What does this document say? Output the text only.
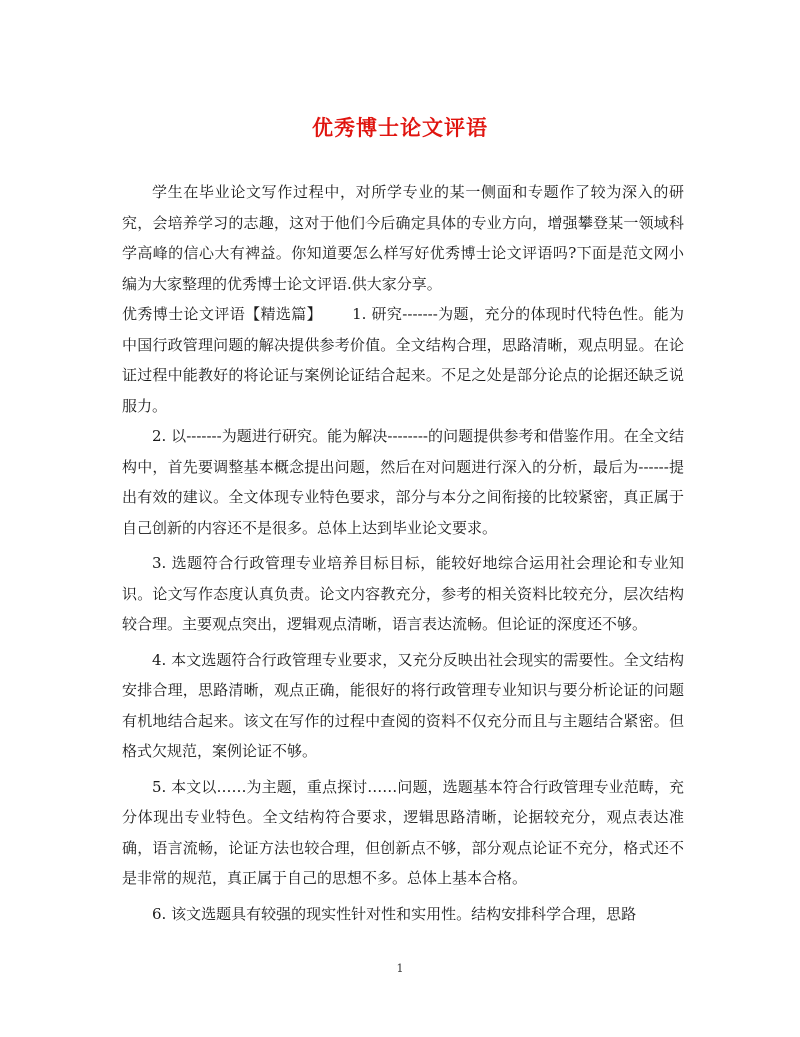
优秀博士论文评语

学生在毕业论文写作过程中，对所学专业的某一侧面和专题作了较为深入的研究，会培养学习的志趣，这对于他们今后确定具体的专业方向，增强攀登某一领域科学高峰的信心大有裨益。你知道要怎么样写好优秀博士论文评语吗?下面是范文网小编为大家整理的优秀博士论文评语.供大家分享。

优秀博士论文评语【精选篇】 1. 研究-------为题，充分的体现时代特色性。能为中国行政管理问题的解决提供参考价值。全文结构合理，思路清晰，观点明显。在论证过程中能教好的将论证与案例论证结合起来。不足之处是部分论点的论据还缺乏说服力。

2. 以-------为题进行研究。能为解决--------的问题提供参考和借鉴作用。在全文结构中，首先要调整基本概念提出问题，然后在对问题进行深入的分析，最后为------提出有效的建议。全文体现专业特色要求，部分与本分之间衔接的比较紧密，真正属于自己创新的内容还不是很多。总体上达到毕业论文要求。

3. 选题符合行政管理专业培养目标目标，能较好地综合运用社会理论和专业知识。论文写作态度认真负责。论文内容教充分，参考的相关资料比较充分，层次结构较合理。主要观点突出，逻辑观点清晰，语言表达流畅。但论证的深度还不够。

4. 本文选题符合行政管理专业要求，又充分反映出社会现实的需要性。全文结构安排合理，思路清晰，观点正确，能很好的将行政管理专业知识与要分析论证的问题有机地结合起来。该文在写作的过程中查阅的资料不仅充分而且与主题结合紧密。但格式欠规范，案例论证不够。

5. 本文以……为主题，重点探讨……问题，选题基本符合行政管理专业范畴，充分体现出专业特色。全文结构符合要求，逻辑思路清晰，论据较充分，观点表达准确，语言流畅，论证方法也较合理，但创新点不够，部分观点论证不充分，格式还不是非常的规范，真正属于自己的思想不多。总体上基本合格。

6. 该文选题具有较强的现实性针对性和实用性。结构安排科学合理，思路

1
